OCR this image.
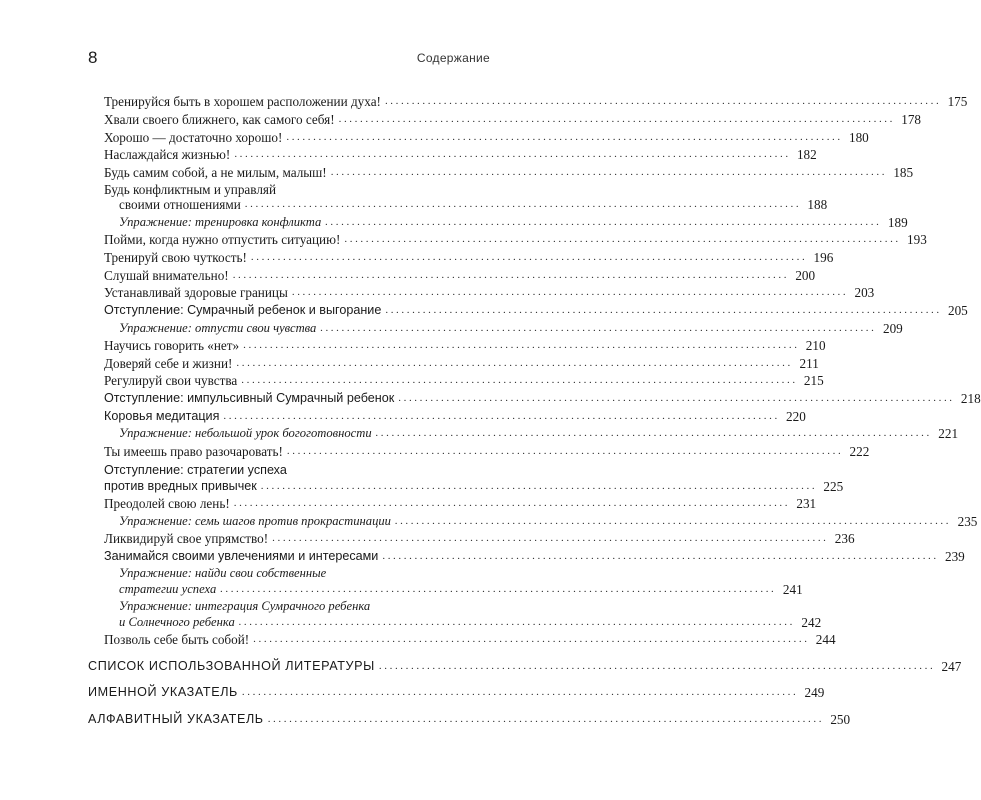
8	Содержание
Тренируйся быть в хорошем расположении духа! ........................................................................................................ 175
Хвали своего ближнего, как самого себя! ........................................................................................................ 178
Хорошо — достаточно хорошо! ........................................................................................................ 180
Наслаждайся жизнью! ........................................................................................................ 182
Будь самим собой, а не милым, малыш! ........................................................................................................ 185
Будь конфликтным и управляй
своими отношениями ........................................................................................................ 188
Упражнение: тренировка конфликта ........................................................................................................ 189
Пойми, когда нужно отпустить ситуацию! ........................................................................................................ 193
Тренируй свою чуткость! ........................................................................................................ 196
Слушай внимательно! ........................................................................................................ 200
Устанавливай здоровые границы ........................................................................................................ 203
Отступление: Сумрачный ребенок и выгорание ........................................................................................................ 205
Упражнение: отпусти свои чувства ........................................................................................................ 209
Научись говорить «нет» ........................................................................................................ 210
Доверяй себе и жизни! ........................................................................................................ 211
Регулируй свои чувства ........................................................................................................ 215
Отступление: импульсивный Сумрачный ребенок ........................................................................................................ 218
Коровья медитация ........................................................................................................ 220
Упражнение: небольшой урок богоготовности ........................................................................................................ 221
Ты имеешь право разочаровать! ........................................................................................................ 222
Отступление: стратегии успеха
против вредных привычек ........................................................................................................ 225
Преодолей свою лень! ........................................................................................................ 231
Упражнение: семь шагов против прокрастинации ........................................................................................................ 235
Ликвидируй свое упрямство! ........................................................................................................ 236
Занимайся своими увлечениями и интересами ........................................................................................................ 239
Упражнение: найди свои собственные
стратегии успеха ........................................................................................................ 241
Упражнение: интеграция Сумрачного ребенка
и Солнечного ребенка ........................................................................................................ 242
Позволь себе быть собой! ........................................................................................................ 244
СПИСОК ИСПОЛЬЗОВАННОЙ ЛИТЕРАТУРЫ ........................................................................................................ 247
ИМЕННОЙ УКАЗАТЕЛЬ ........................................................................................................ 249
АЛФАВИТНЫЙ УКАЗАТЕЛЬ ........................................................................................................ 250
